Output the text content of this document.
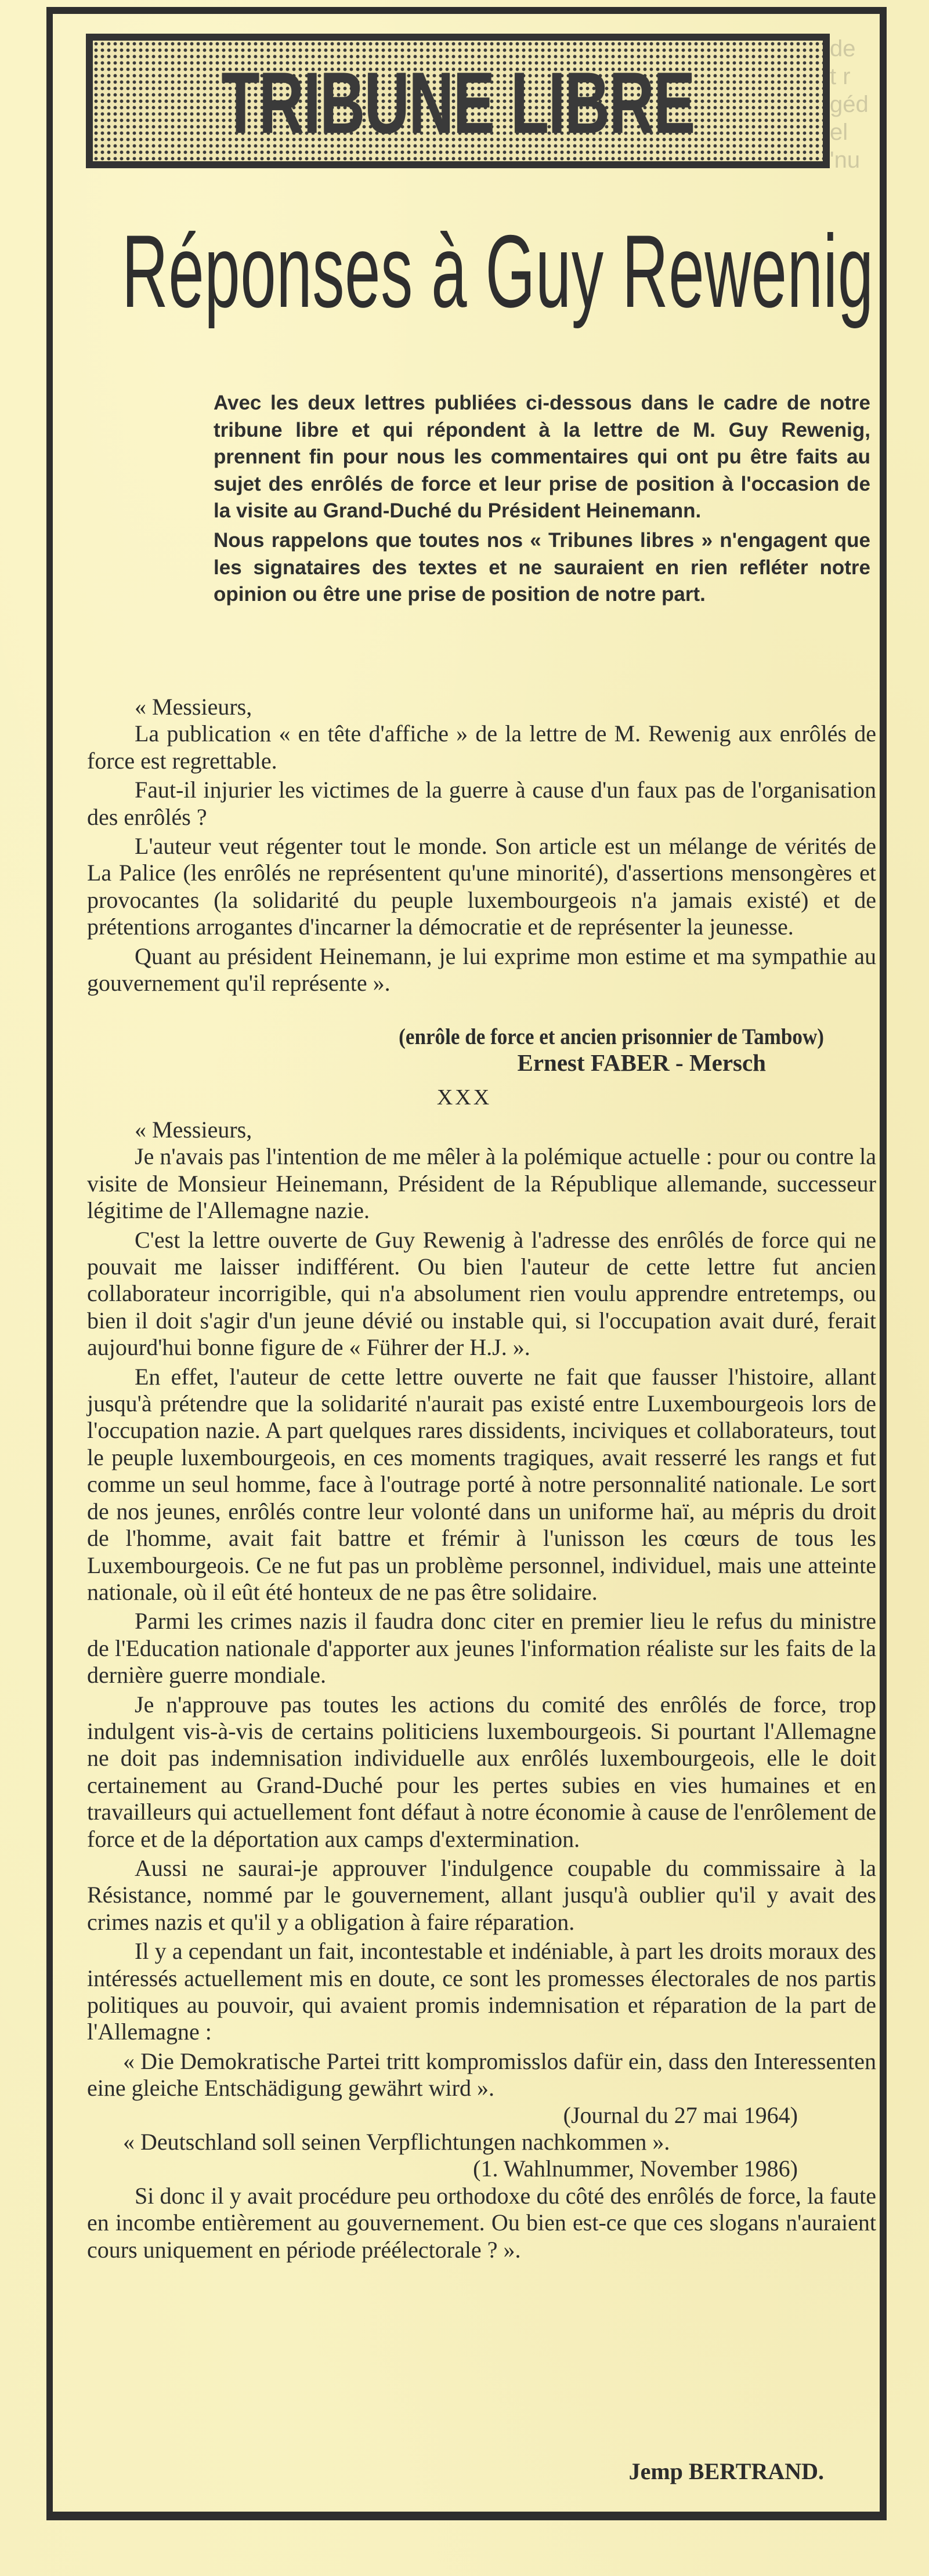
de
t r
géd
el
'nu
TRIBUNE LIBRE
Réponses à Guy Rewenig

Avec les deux lettres publiées ci-dessous dans le cadre de notre tribune libre et qui répondent à la lettre de M. Guy Rewenig, prennent fin pour nous les commentaires qui ont pu être faits au sujet des enrôlés de force et leur prise de position à l'occasion de la visite au Grand-Duché du Président Heinemann.

Nous rappelons que toutes nos « Tribunes libres » n'engagent que les signataires des textes et ne sauraient en rien refléter notre opinion ou être une prise de position de notre part.

« Messieurs,

La publication « en tête d'affiche » de la lettre de M. Rewenig aux enrôlés de force est regrettable.

Faut-il injurier les victimes de la guerre à cause d'un faux pas de l'organisation des enrôlés ?

L'auteur veut régenter tout le monde. Son article est un mélange de vérités de La Palice (les enrôlés ne représentent qu'une minorité), d'assertions mensongères et provocantes (la solidarité du peuple luxembourgeois n'a jamais existé) et de prétentions arrogantes d'incarner la démocratie et de représenter la jeunesse.

Quant au président Heinemann, je lui exprime mon estime et ma sympathie au gouvernement qu'il représente ».

(enrôle de force et ancien prisonnier de Tambow)
Ernest FABER - Mersch
XXX

« Messieurs,

Je n'avais pas l'intention de me mêler à la polémique actuelle : pour ou contre la visite de Monsieur Heinemann, Président de la République allemande, successeur légitime de l'Allemagne nazie.

C'est la lettre ouverte de Guy Rewenig à l'adresse des enrôlés de force qui ne pouvait me laisser indifférent. Ou bien l'auteur de cette lettre fut ancien collaborateur incorrigible, qui n'a absolument rien voulu apprendre entretemps, ou bien il doit s'agir d'un jeune dévié ou instable qui, si l'occupation avait duré, ferait aujourd'hui bonne figure de « Führer der H.J. ».

En effet, l'auteur de cette lettre ouverte ne fait que fausser l'histoire, allant jusqu'à prétendre que la solidarité n'aurait pas existé entre Luxembourgeois lors de l'occupation nazie. A part quelques rares dissidents, inciviques et collaborateurs, tout le peuple luxembourgeois, en ces moments tragiques, avait resserré les rangs et fut comme un seul homme, face à l'outrage porté à notre personnalité nationale. Le sort de nos jeunes, enrôlés contre leur volonté dans un uniforme haï, au mépris du droit de l'homme, avait fait battre et frémir à l'unisson les cœurs de tous les Luxembourgeois. Ce ne fut pas un problème personnel, individuel, mais une atteinte nationale, où il eût été honteux de ne pas être solidaire.

Parmi les crimes nazis il faudra donc citer en premier lieu le refus du ministre de l'Education nationale d'apporter aux jeunes l'information réaliste sur les faits de la dernière guerre mondiale.

Je n'approuve pas toutes les actions du comité des enrôlés de force, trop indulgent vis-à-vis de certains politiciens luxembourgeois. Si pourtant l'Allemagne ne doit pas indemnisation individuelle aux enrôlés luxembourgeois, elle le doit certainement au Grand-Duché pour les pertes subies en vies humaines et en travailleurs qui actuellement font défaut à notre économie à cause de l'enrôlement de force et de la déportation aux camps d'extermination.

Aussi ne saurai-je approuver l'indulgence coupable du commissaire à la Résistance, nommé par le gouvernement, allant jusqu'à oublier qu'il y avait des crimes nazis et qu'il y a obligation à faire réparation.

Il y a cependant un fait, incontestable et indéniable, à part les droits moraux des intéressés actuellement mis en doute, ce sont les promesses électorales de nos partis politiques au pouvoir, qui avaient promis indemnisation et réparation de la part de l'Allemagne :

« Die Demokratische Partei tritt kompromisslos dafür ein, dass den Interessenten eine gleiche Entschädigung gewährt wird ».

(Journal du 27 mai 1964)

« Deutschland soll seinen Verpflichtungen nachkommen ».

(1. Wahlnummer, November 1986)

Si donc il y avait procédure peu orthodoxe du côté des enrôlés de force, la faute en incombe entièrement au gouvernement. Ou bien est-ce que ces slogans n'auraient cours uniquement en période préélectorale ? ».

Jemp BERTRAND.
